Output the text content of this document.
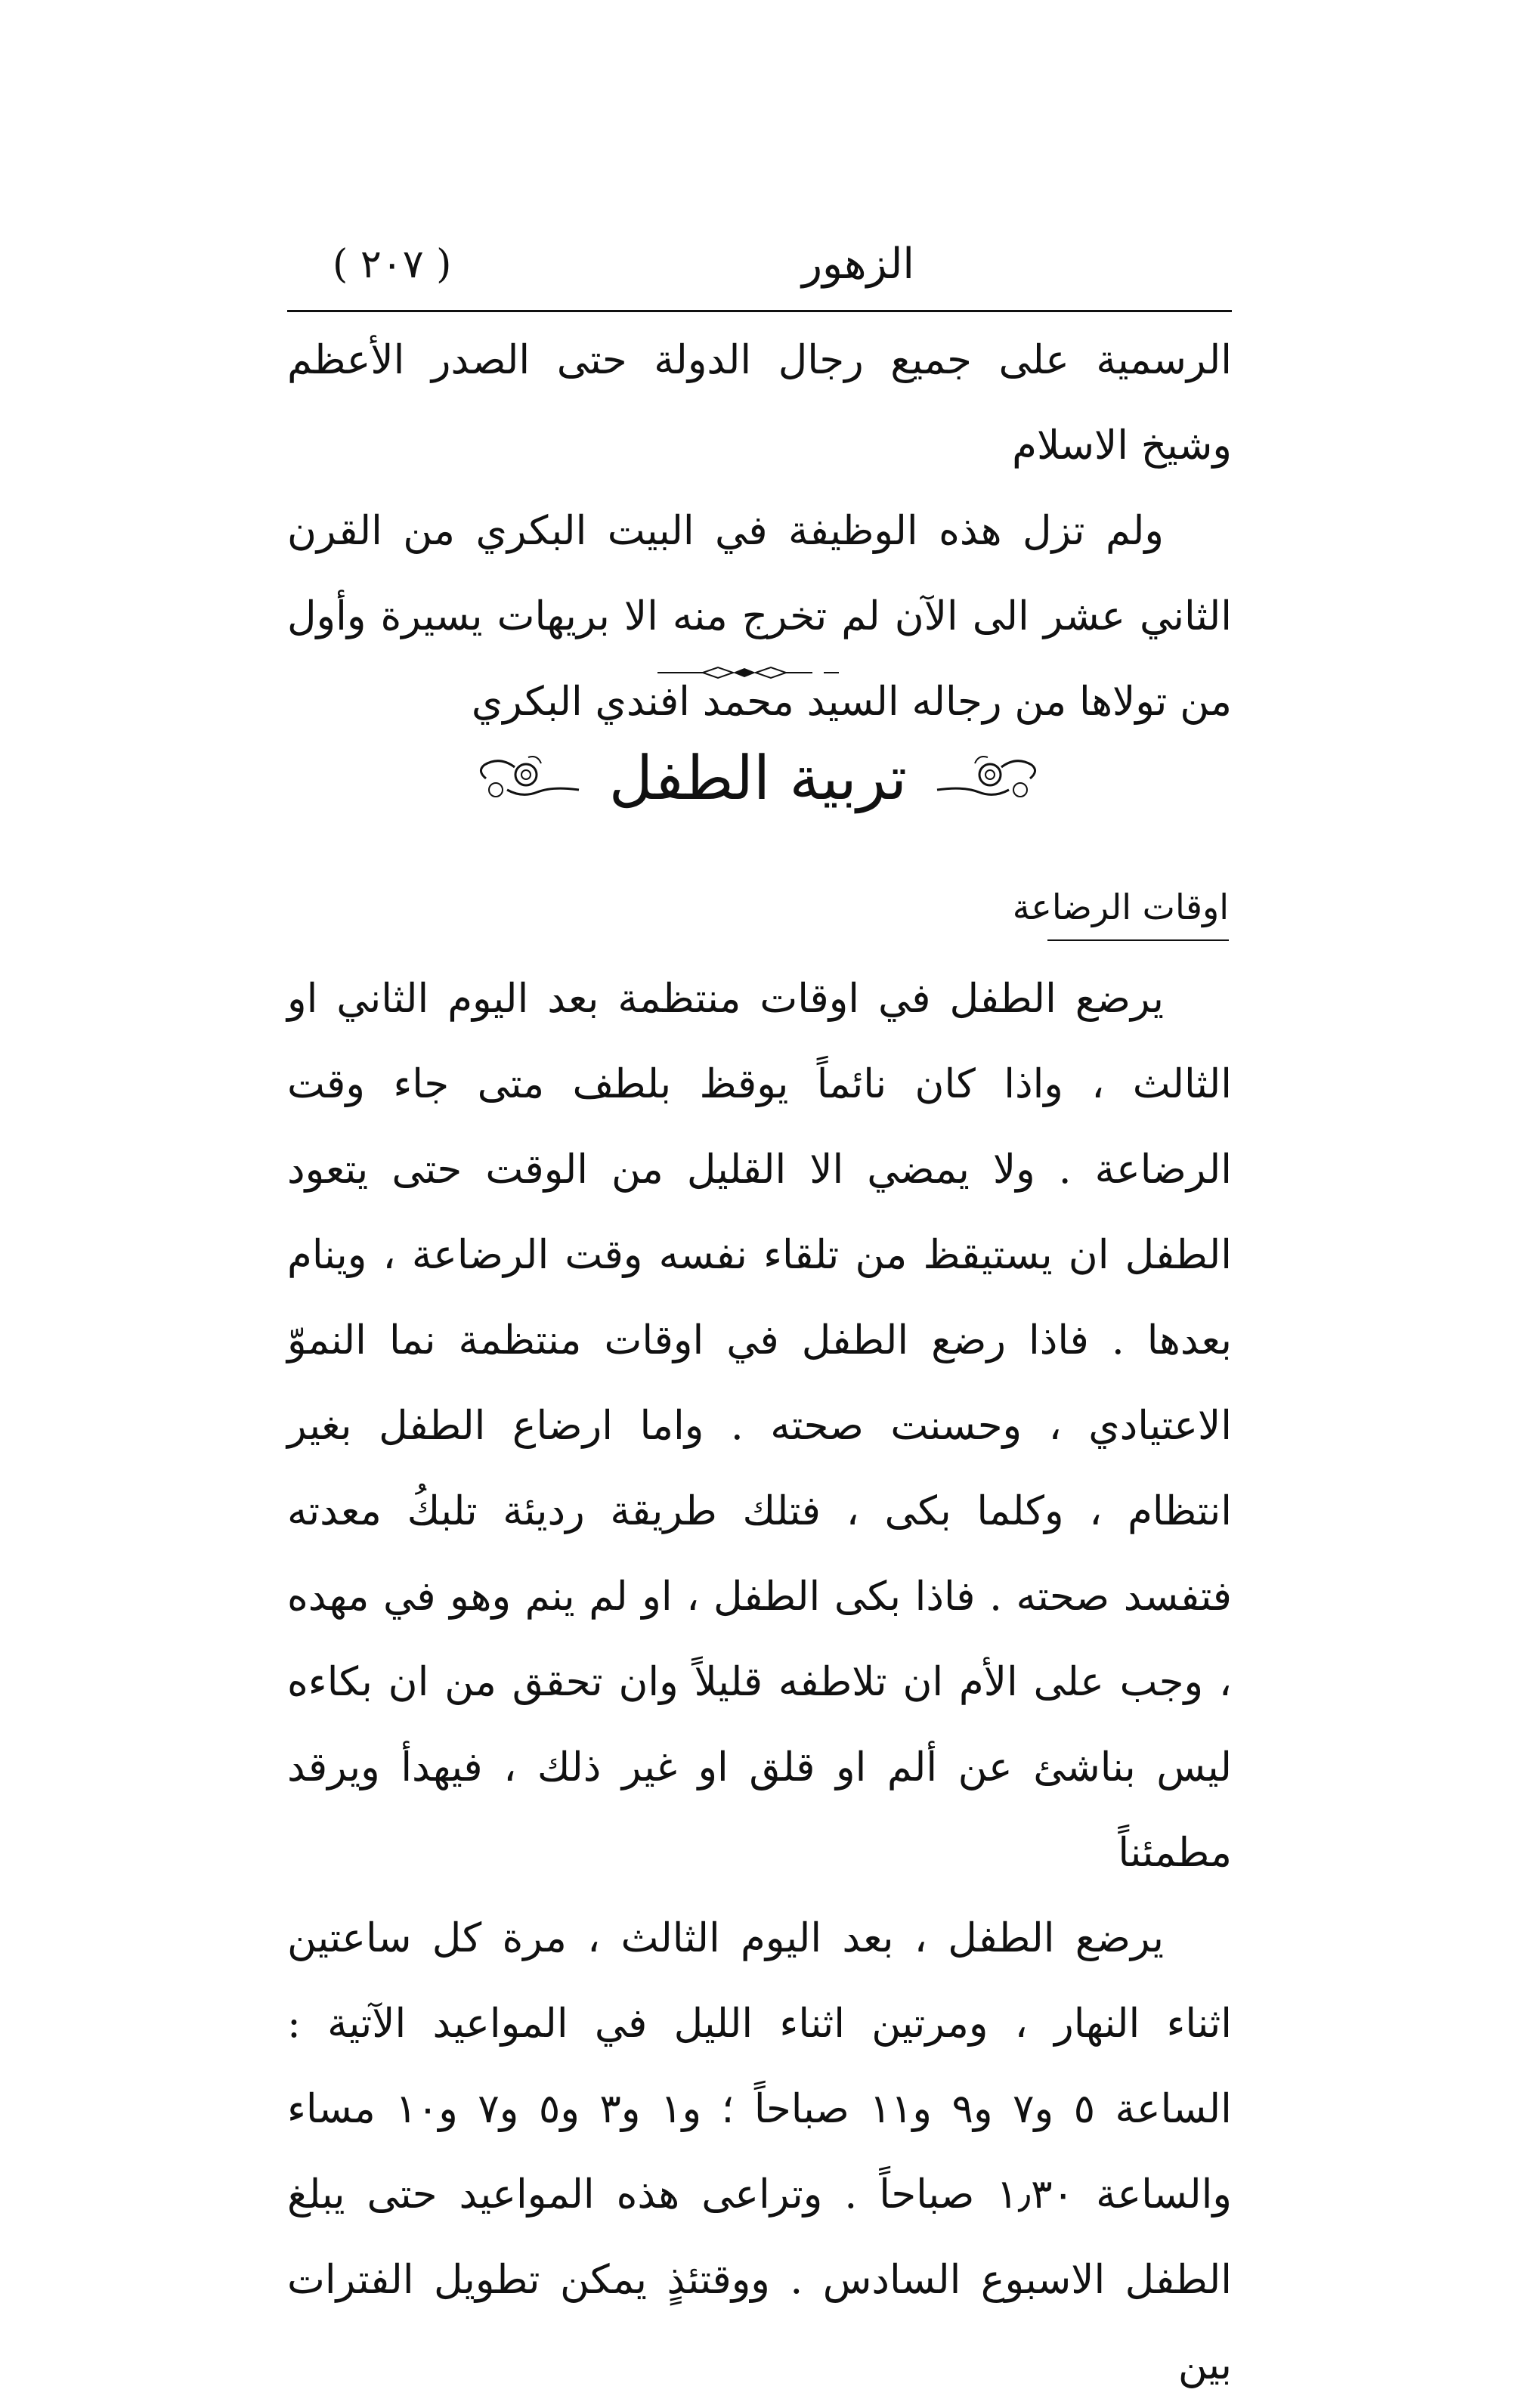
الزهور
( ٢٠٧ )

الرسمية على جميع رجال الدولة حتى الصدر الأعظم وشيخ الاسلام

ولم تزل هذه الوظيفة في البيت البكري من القرن الثاني عشر الى الآن لم تخرج منه الا بريهات يسيرة وأول من تولاها من رجاله السيد محمد افندي البكري

تربية الطفل
اوقات الرضاعة

يرضع الطفل في اوقات منتظمة بعد اليوم الثاني او الثالث ، واذا كان نائماً يوقظ بلطف متى جاء وقت الرضاعة . ولا يمضي الا القليل من الوقت حتى يتعود الطفل ان يستيقظ من تلقاء نفسه وقت الرضاعة ، وينام بعدها . فاذا رضع الطفل في اوقات منتظمة نما النموّ الاعتيادي ، وحسنت صحته . واما ارضاع الطفل بغير انتظام ، وكلما بكى ، فتلك طريقة رديئة تلبكُ معدته فتفسد صحته . فاذا بكى الطفل ، او لم ينم وهو في مهده ، وجب على الأم ان تلاطفه قليلاً وان تحقق من ان بكاءه ليس بناشئ عن ألم او قلق او غير ذلك ، فيهدأ ويرقد مطمئناً

يرضع الطفل ، بعد اليوم الثالث ، مرة كل ساعتين اثناء النهار ، ومرتين اثناء الليل في المواعيد الآتية : الساعة ٥ و٧ و٩ و١١ صباحاً ؛ و١ و٣ و٥ و٧ و١٠ مساء والساعة ١٫٣٠ صباحاً . وتراعى هذه المواعيد حتى يبلغ الطفل الاسبوع السادس . ووقتئذٍ يمكن تطويل الفترات بين
